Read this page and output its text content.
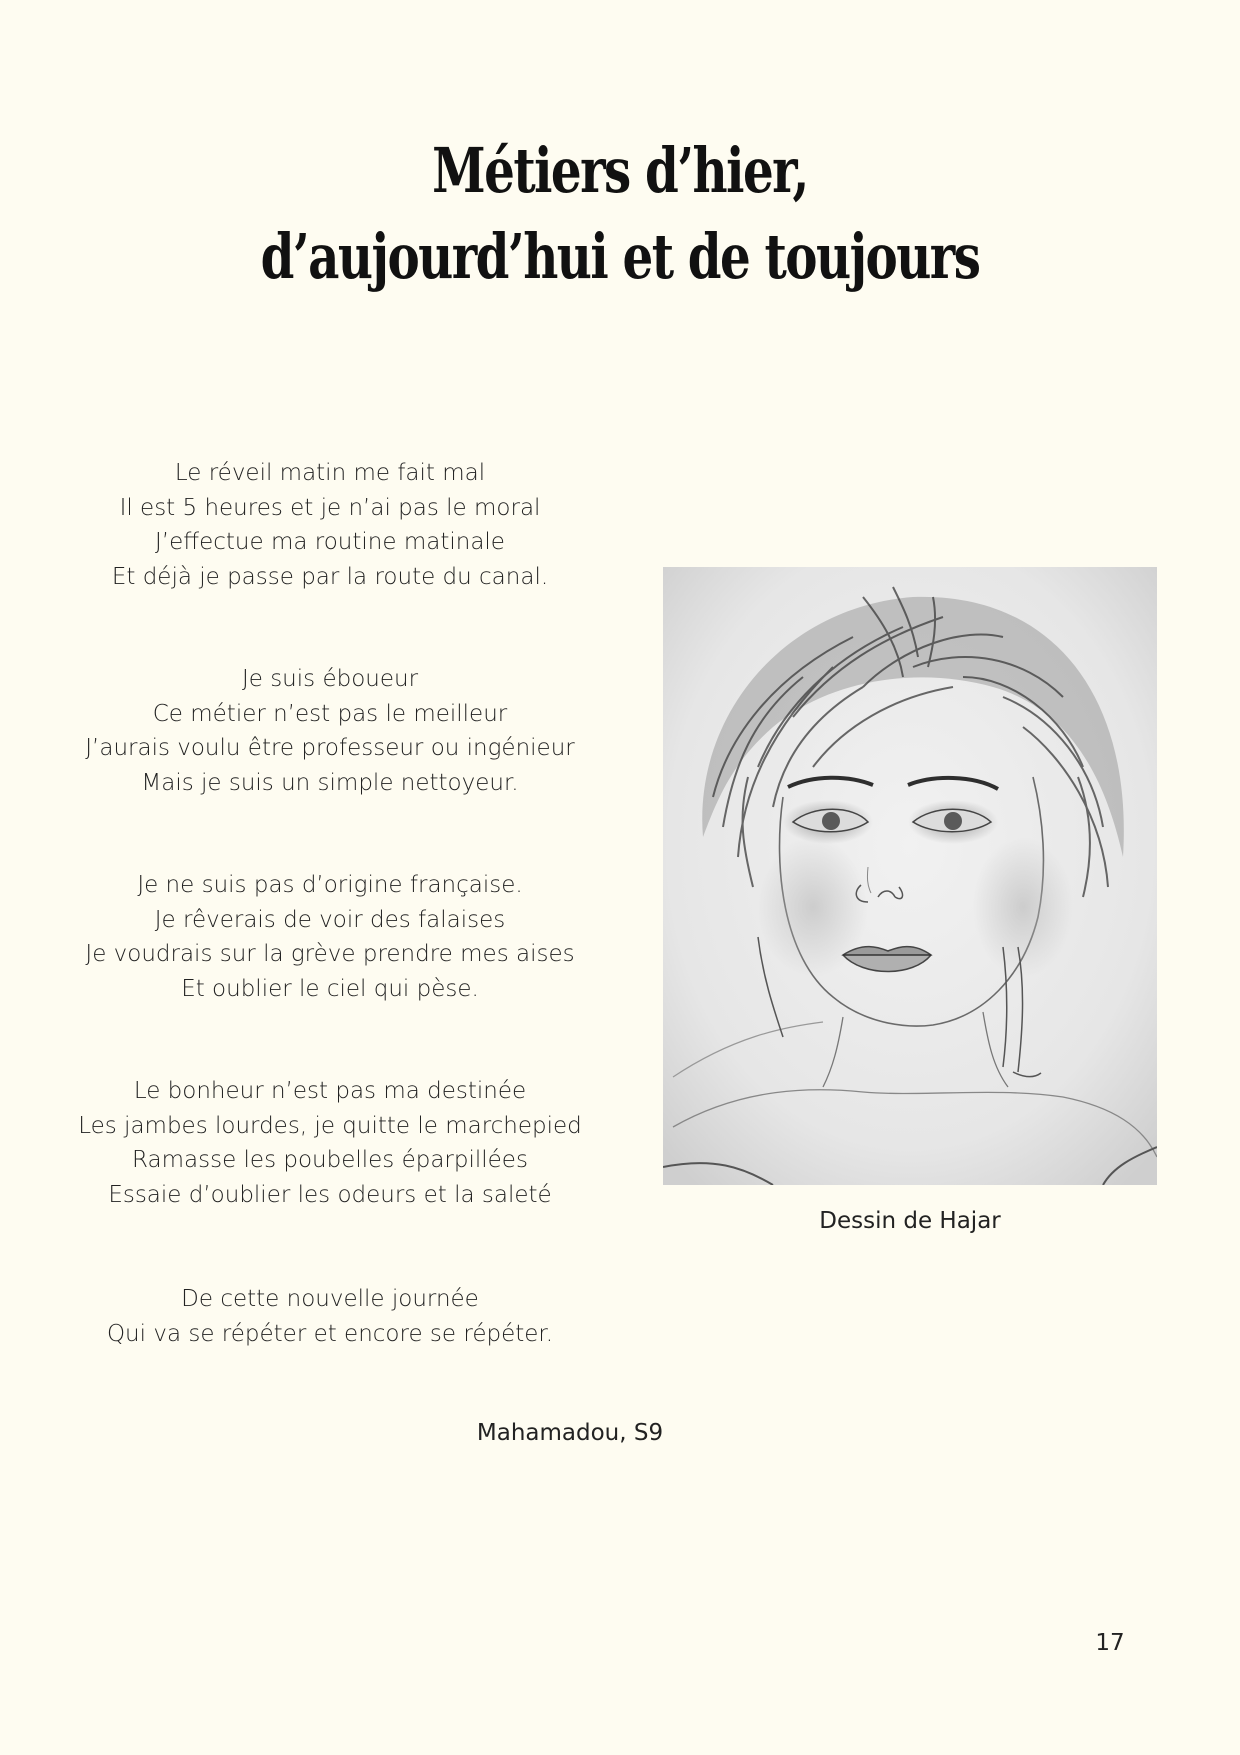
Métiers d’hier,
d’aujourd’hui et de toujours
Le réveil matin me fait mal
Il est 5 heures et je n’ai pas le moral
J’effectue ma routine matinale
Et déjà je passe par la route du canal.
Je suis éboueur
Ce métier n’est pas le meilleur
J’aurais voulu être professeur ou ingénieur
Mais je suis un simple nettoyeur.
Je ne suis pas d’origine française.
Je rêverais de voir des falaises
Je voudrais sur la grève prendre mes aises
Et oublier le ciel qui pèse.
Le bonheur n’est pas ma destinée
Les jambes lourdes, je quitte le marchepied
Ramasse les poubelles éparpillées
Essaie d’oublier les odeurs et la saleté
De cette nouvelle journée
Qui va se répéter et encore se répéter.
Mahamadou, S9
Dessin de Hajar
17
